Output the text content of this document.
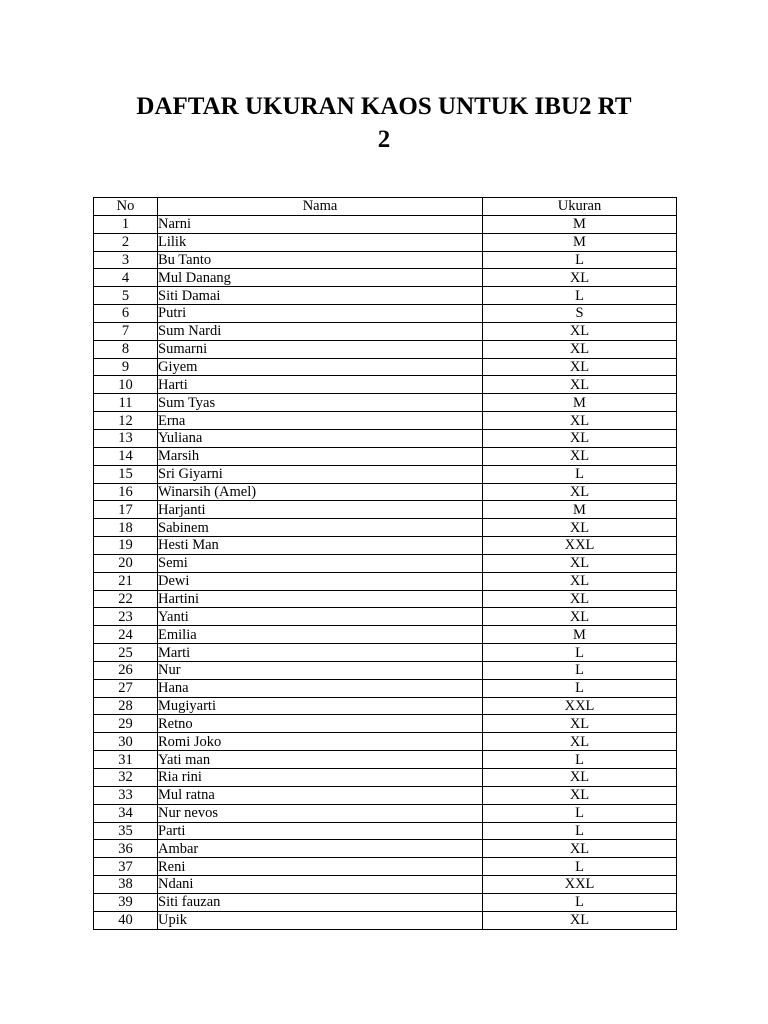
DAFTAR UKURAN KAOS UNTUK IBU2 RT
2
No	Nama	Ukuran
1	Narni	M
2	Lilik	M
3	Bu Tanto	L
4	Mul Danang	XL
5	Siti Damai	L
6	Putri	S
7	Sum Nardi	XL
8	Sumarni	XL
9	Giyem	XL
10	Harti	XL
11	Sum Tyas	M
12	Erna	XL
13	Yuliana	XL
14	Marsih	XL
15	Sri Giyarni	L
16	Winarsih (Amel)	XL
17	Harjanti	M
18	Sabinem	XL
19	Hesti Man	XXL
20	Semi	XL
21	Dewi	XL
22	Hartini	XL
23	Yanti	XL
24	Emilia	M
25	Marti	L
26	Nur	L
27	Hana	L
28	Mugiyarti	XXL
29	Retno	XL
30	Romi Joko	XL
31	Yati man	L
32	Ria rini	XL
33	Mul ratna	XL
34	Nur nevos	L
35	Parti	L
36	Ambar	XL
37	Reni	L
38	Ndani	XXL
39	Siti fauzan	L
40	Upik	XL
